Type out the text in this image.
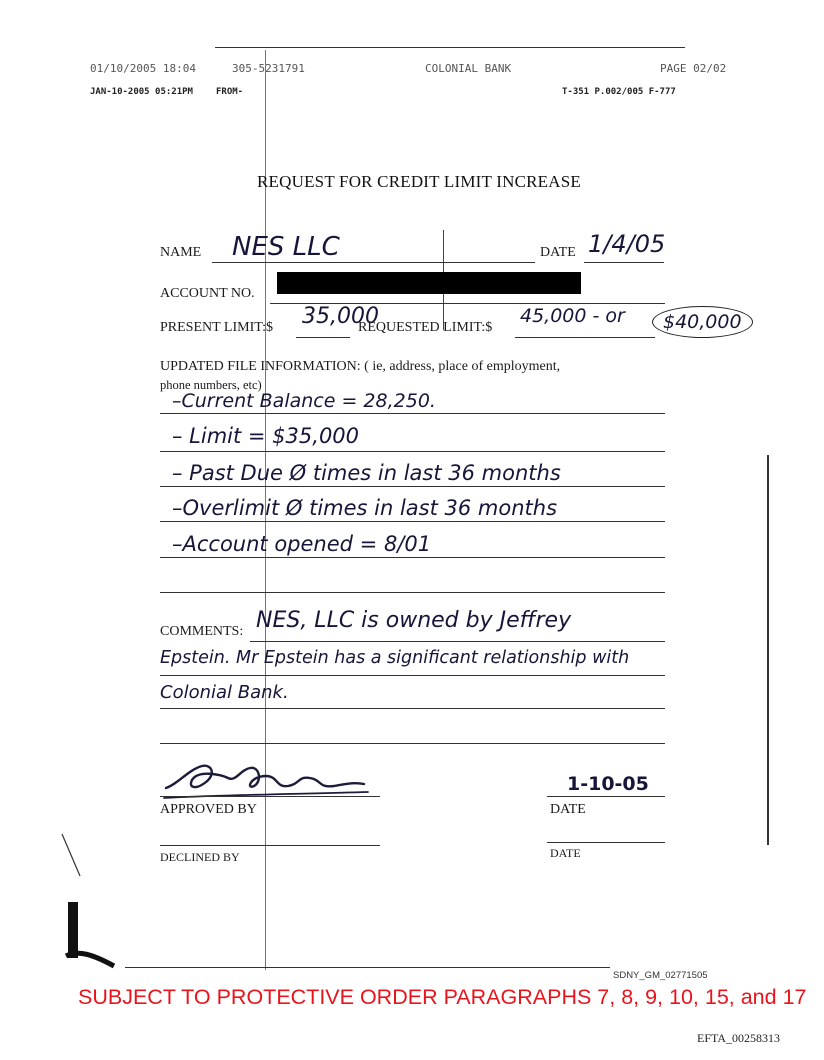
01/10/2005 18:04	305-5231791	COLONIAL BANK	PAGE 02/02
JAN-10-2005 05:21PM	FROM-	T-351 P.002/005 F-777
REQUEST FOR CREDIT LIMIT INCREASE
NAME NES LLC	DATE 1/4/05
ACCOUNT NO.
PRESENT LIMIT:$ 35,000
REQUESTED LIMIT:$
45,000 - or	$40,000
UPDATED FILE INFORMATION: ( ie, address, place of employment,
phone numbers, etc)
–Current Balance = 28,250.
– Limit = $35,000
– Past Due Ø times in last 36 months
–Overlimit Ø times in last 36 months
–Account opened = 8/01
COMMENTS: NES, LLC is owned by Jeffrey
Epstein. Mr Epstein has a significant relationship with
Colonial Bank.
APPROVED BY
1-10-05
DATE
DECLINED BY	DATE
SDNY_GM_02771505
SUBJECT TO PROTECTIVE ORDER PARAGRAPHS 7, 8, 9, 10, 15, and 17
EFTA_00258313
